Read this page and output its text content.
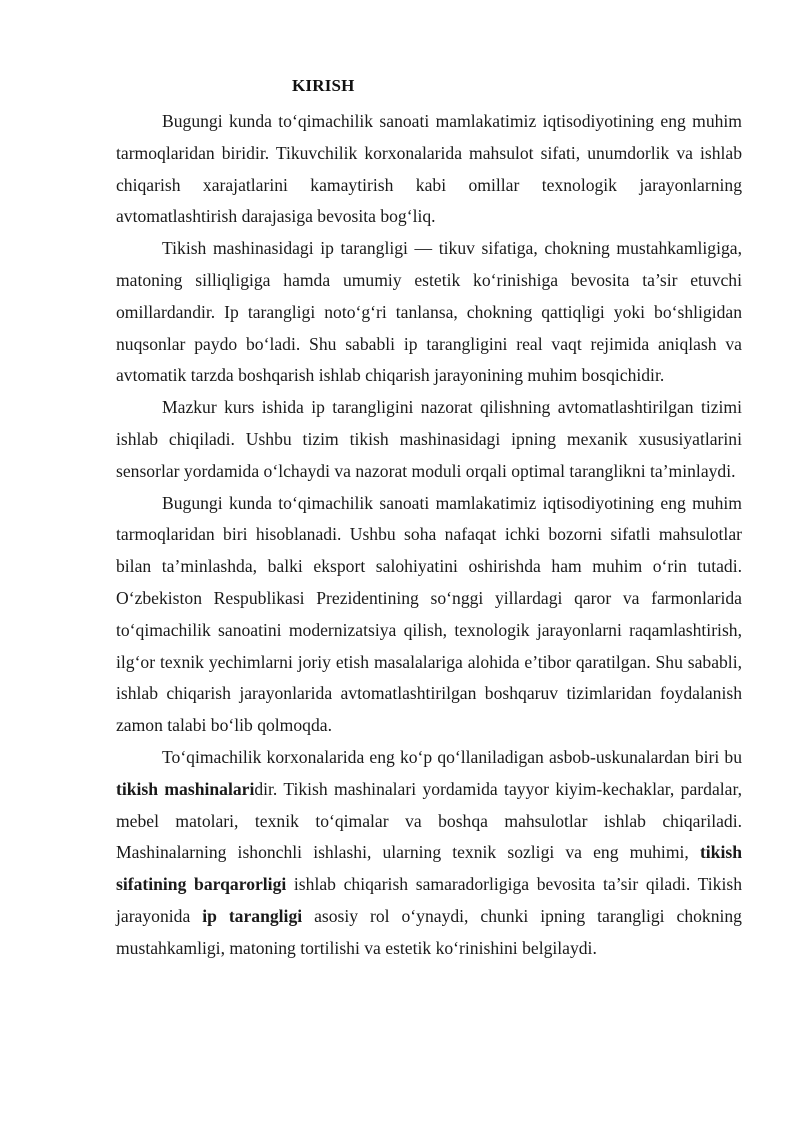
KIRISH

Bugungi kunda to‘qimachilik sanoati mamlakatimiz iqtisodiyotining eng muhim tarmoqlaridan biridir. Tikuvchilik korxonalarida mahsulot sifati, unumdorlik va ishlab chiqarish xarajatlarini kamaytirish kabi omillar texnologik jarayonlarning avtomatlashtirish darajasiga bevosita bog‘liq.

Tikish mashinasidagi ip tarangligi — tikuv sifatiga, chokning mustahkamligiga, matoning silliqligiga hamda umumiy estetik ko‘rinishiga bevosita ta’sir etuvchi omillardandir. Ip tarangligi noto‘g‘ri tanlansa, chokning qattiqligi yoki bo‘shligidan nuqsonlar paydo bo‘ladi. Shu sababli ip tarangligini real vaqt rejimida aniqlash va avtomatik tarzda boshqarish ishlab chiqarish jarayonining muhim bosqichidir.

Mazkur kurs ishida ip tarangligini nazorat qilishning avtomatlashtirilgan tizimi ishlab chiqiladi. Ushbu tizim tikish mashinasidagi ipning mexanik xususiyatlarini sensorlar yordamida o‘lchaydi va nazorat moduli orqali optimal taranglikni ta’minlaydi.

Bugungi kunda to‘qimachilik sanoati mamlakatimiz iqtisodiyotining eng muhim tarmoqlaridan biri hisoblanadi. Ushbu soha nafaqat ichki bozorni sifatli mahsulotlar bilan ta’minlashda, balki eksport salohiyatini oshirishda ham muhim o‘rin tutadi. O‘zbekiston Respublikasi Prezidentining so‘nggi yillardagi qaror va farmonlarida to‘qimachilik sanoatini modernizatsiya qilish, texnologik jarayonlarni raqamlashtirish, ilg‘or texnik yechimlarni joriy etish masalalariga alohida e’tibor qaratilgan. Shu sababli, ishlab chiqarish jarayonlarida avtomatlashtirilgan boshqaruv tizimlaridan foydalanish zamon talabi bo‘lib qolmoqda.

To‘qimachilik korxonalarida eng ko‘p qo‘llaniladigan asbob-uskunalardan biri bu tikish mashinalaridir. Tikish mashinalari yordamida tayyor kiyim-kechaklar, pardalar, mebel matolari, texnik to‘qimalar va boshqa mahsulotlar ishlab chiqariladi. Mashinalarning ishonchli ishlashi, ularning texnik sozligi va eng muhimi, tikish sifatining barqarorligi ishlab chiqarish samaradorligiga bevosita ta’sir qiladi. Tikish jarayonida ip tarangligi asosiy rol o‘ynaydi, chunki ipning tarangligi chokning mustahkamligi, matoning tortilishi va estetik ko‘rinishini belgilaydi.
